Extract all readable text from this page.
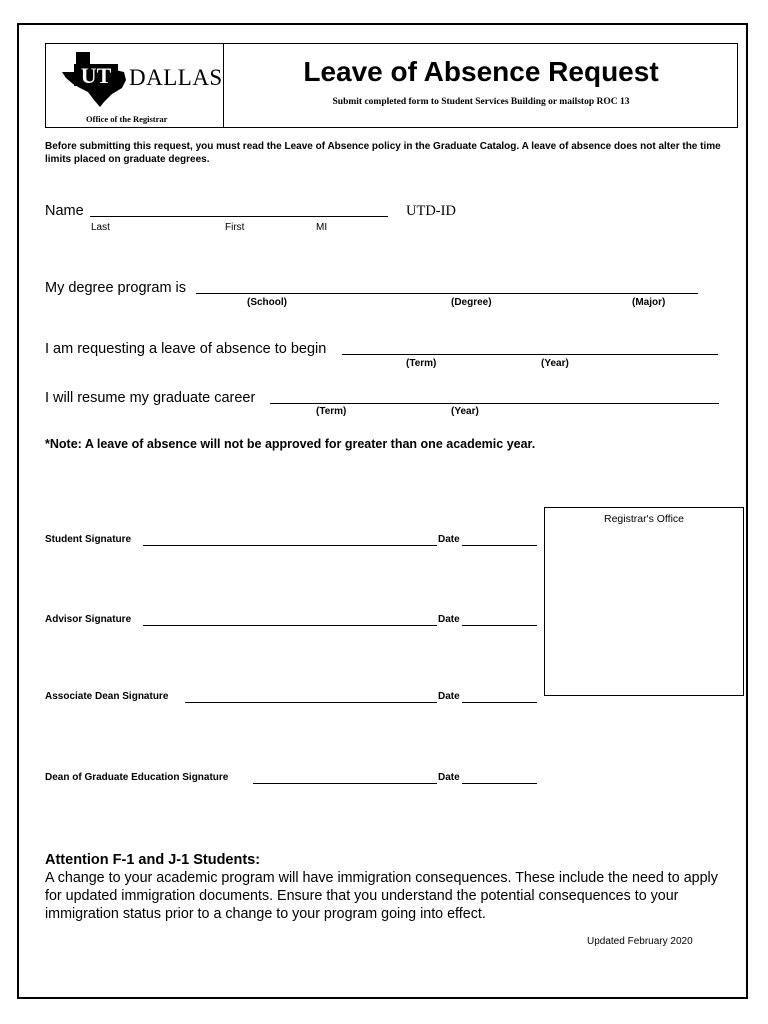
UT DALLAS
Office of the Registrar
Leave of Absence Request
Submit completed form to Student Services Building or mailstop ROC 13
Before submitting this request, you must read the Leave of Absence policy in the Graduate Catalog. A leave of absence does not alter the time limits placed on graduate degrees.
Name
Last	First	MI
UTD-ID
My degree program is
(School)	(Degree)	(Major)
I am requesting a leave of absence to begin
(Term)	(Year)
I will resume my graduate career
(Term)	(Year)
*Note: A leave of absence will not be approved for greater than one academic year.
Student Signature	Date
Advisor Signature	Date
Associate Dean Signature	Date
Dean of Graduate Education Signature	Date
Registrar's Office
Attention F-1 and J-1 Students:
A change to your academic program will have immigration consequences. These include the need to apply for updated immigration documents. Ensure that you understand the potential consequences to your immigration status prior to a change to your program going into effect.
Updated February 2020
